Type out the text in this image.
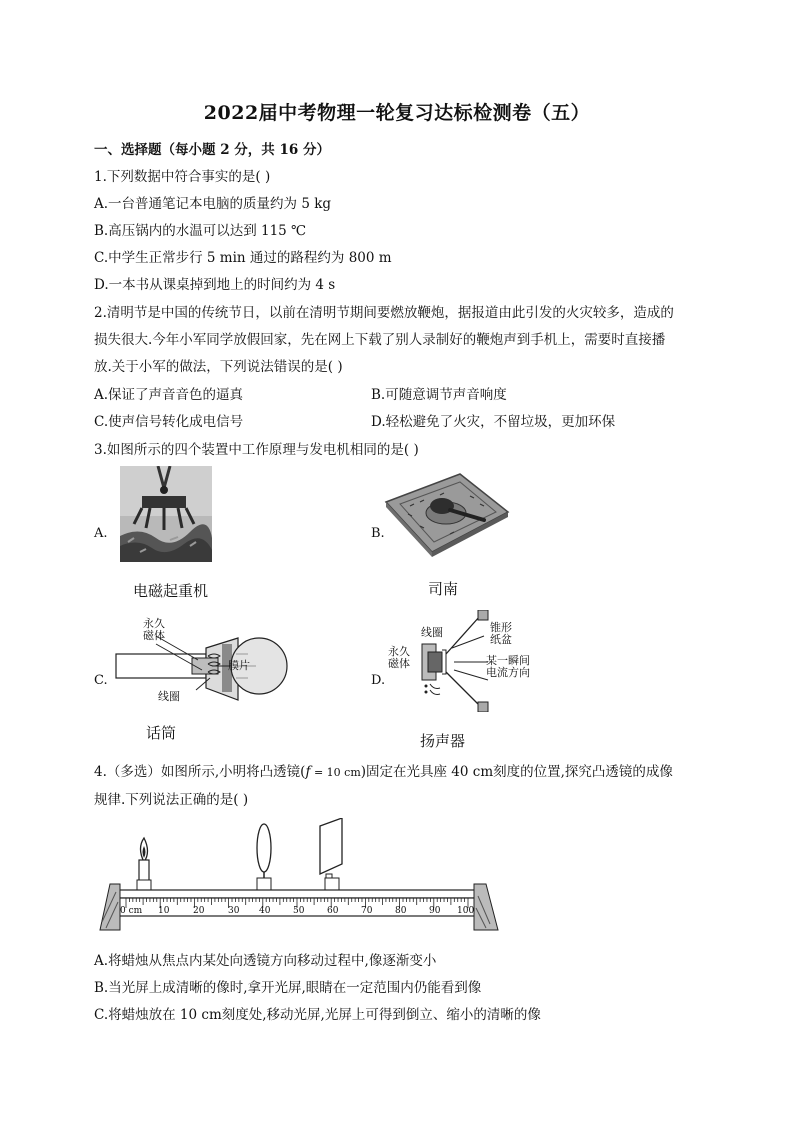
2022届中考物理一轮复习达标检测卷（五）
一、选择题（每小题 2 分，共 16 分）
1.下列数据中符合事实的是( )
A.一台普通笔记本电脑的质量约为 5 kg
B.高压锅内的水温可以达到 115 ℃
C.中学生正常步行 5 min 通过的路程约为 800 m
D.一本书从课桌掉到地上的时间约为 4 s
2.清明节是中国的传统节日，以前在清明节期间要燃放鞭炮，据报道由此引发的火灾较多，造成的
损失很大.今年小军同学放假回家，先在网上下载了别人录制好的鞭炮声到手机上，需要时直接播
放.关于小军的做法，下列说法错误的是( )
A.保证了声音音色的逼真	B.可随意调节声音响度
C.使声信号转化成电信号	D.轻松避免了火灾，不留垃圾，更加环保
3.如图所示的四个装置中工作原理与发电机相同的是( )
A.	B.
C.	D.
电磁起重机	司南
永久
磁体
膜片
线圈
话筒
线圈
永久
磁体
锥形
纸盆
某一瞬间
电流方向
扬声器
4.（多选）如图所示,小明将凸透镜(f = 10 cm)固定在光具座 40 cm刻度的位置,探究凸透镜的成像
规律.下列说法正确的是( )
0 cm 10	20	30 40	50	60	70	80	90 100
A.将蜡烛从焦点内某处向透镜方向移动过程中,像逐渐变小
B.当光屏上成清晰的像时,拿开光屏,眼睛在一定范围内仍能看到像
C.将蜡烛放在 10 cm刻度处,移动光屏,光屏上可得到倒立、缩小的清晰的像
